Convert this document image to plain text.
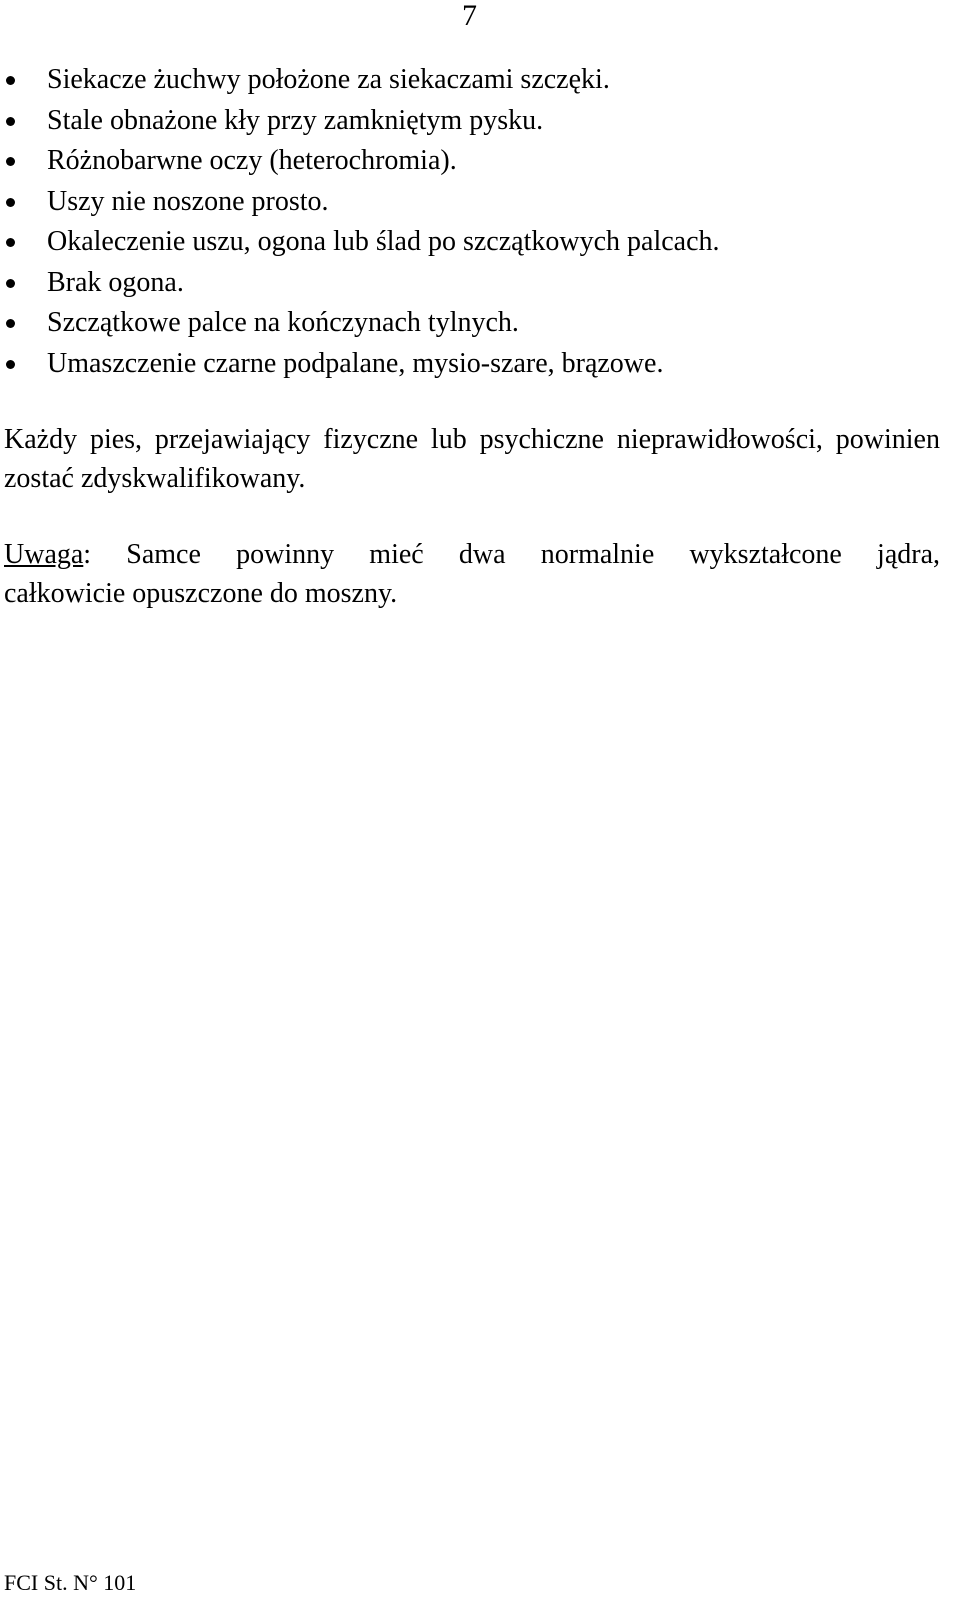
7
Siekacze żuchwy położone za siekaczami szczęki.
Stale obnażone kły przy zamkniętym pysku.
Różnobarwne oczy (heterochromia).
Uszy nie noszone prosto.
Okaleczenie uszu, ogona lub ślad po szczątkowych palcach.
Brak ogona.
Szczątkowe palce na kończynach tylnych.
Umaszczenie czarne podpalane, mysio-szare, brązowe.

Każdy pies, przejawiający fizyczne lub psychiczne nieprawidłowości, powinien zostać zdyskwalifikowany.

Uwaga: Samce powinny mieć dwa normalnie wykształcone jądra,
całkowicie opuszczone do moszny.

FCI St. N° 101
